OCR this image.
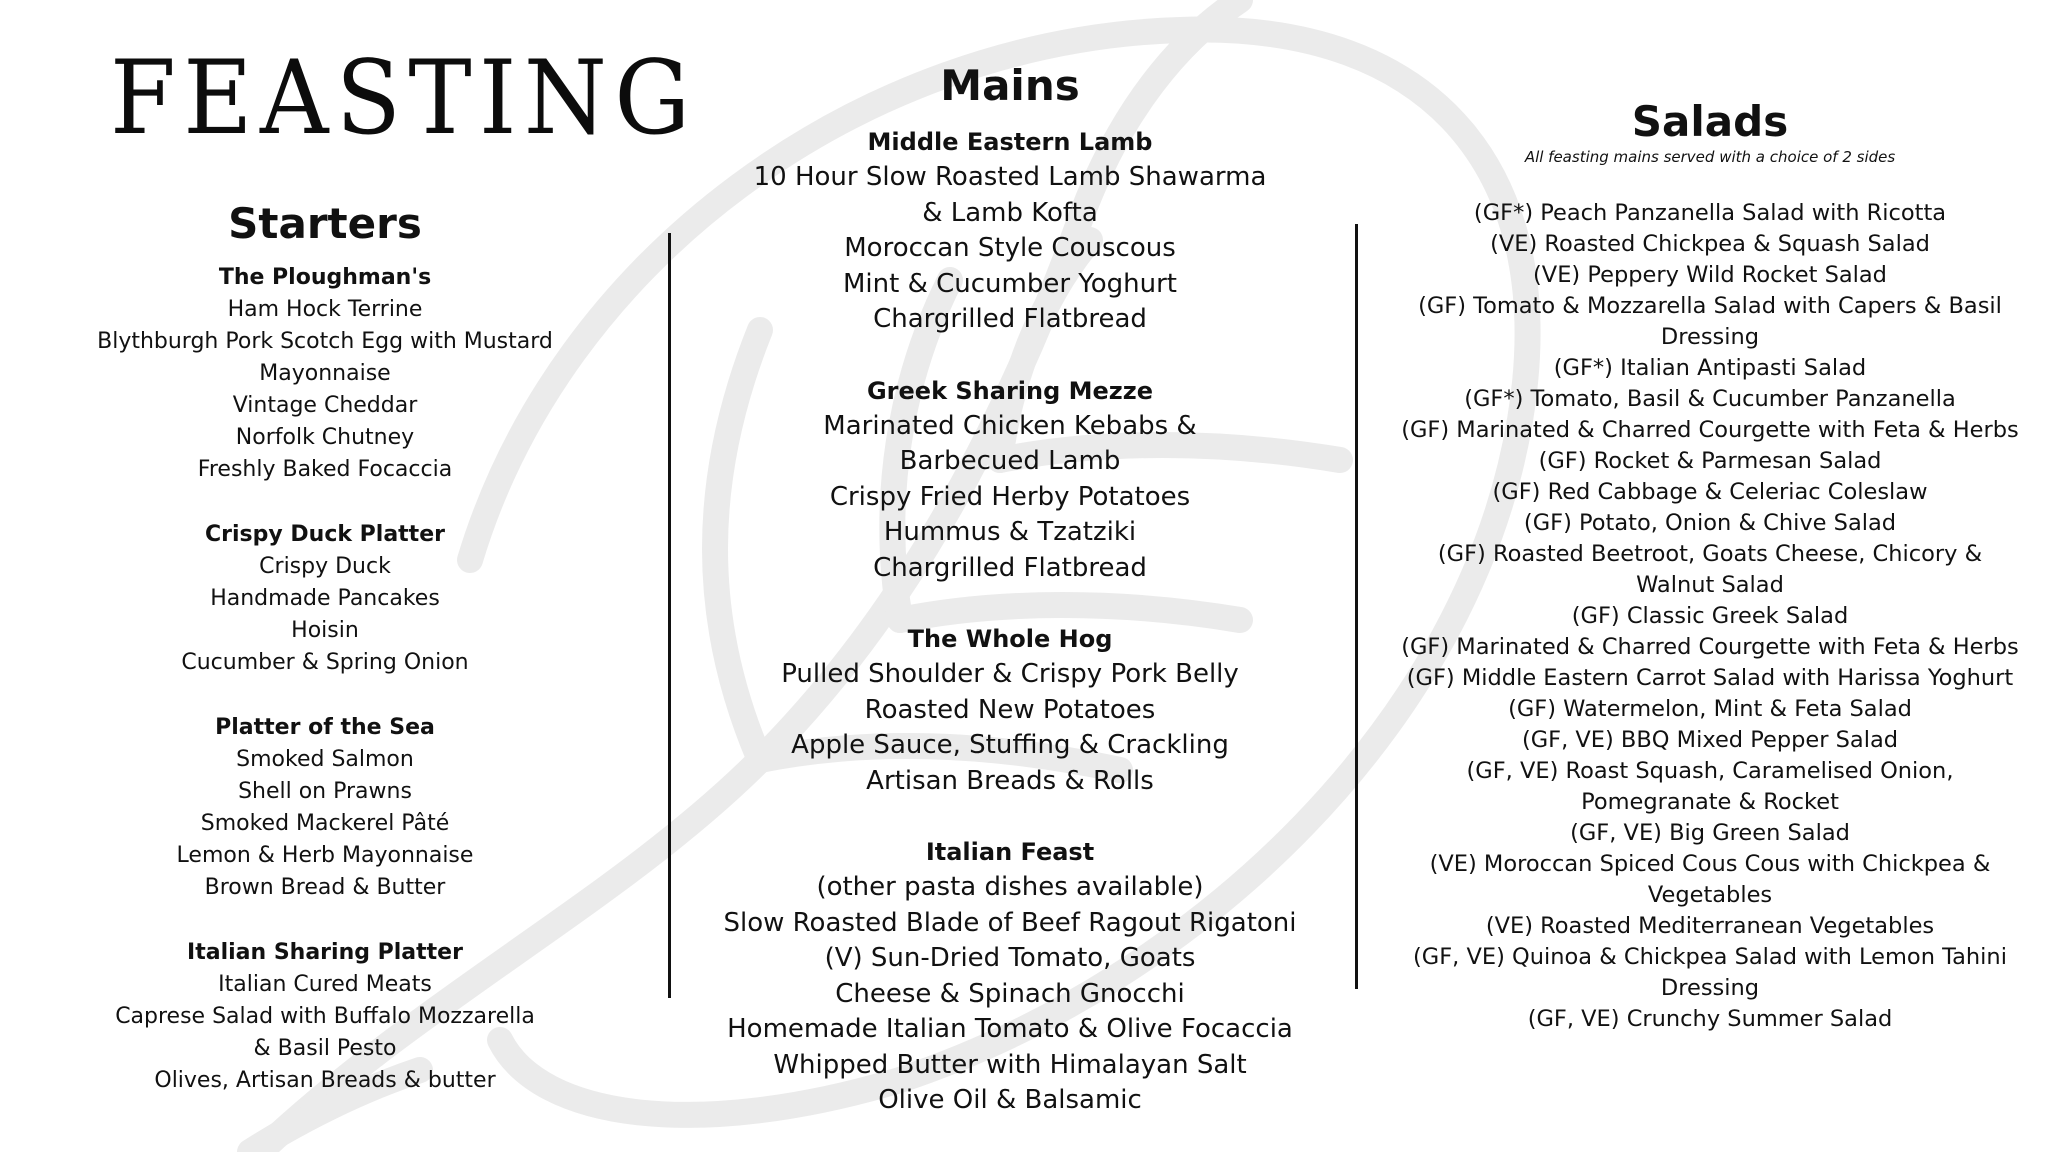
FEASTING
Starters
The Ploughman's
Ham Hock Terrine
Blythburgh Pork Scotch Egg with Mustard
Mayonnaise
Vintage Cheddar
Norfolk Chutney
Freshly Baked Focaccia
Crispy Duck Platter
Crispy Duck
Handmade Pancakes
Hoisin
Cucumber & Spring Onion
Platter of the Sea
Smoked Salmon
Shell on Prawns
Smoked Mackerel Pâté
Lemon & Herb Mayonnaise
Brown Bread & Butter
Italian Sharing Platter
Italian Cured Meats
Caprese Salad with Buffalo Mozzarella
& Basil Pesto
Olives, Artisan Breads & butter
Mains
Middle Eastern Lamb
10 Hour Slow Roasted Lamb Shawarma
& Lamb Kofta
Moroccan Style Couscous
Mint & Cucumber Yoghurt
Chargrilled Flatbread
Greek Sharing Mezze
Marinated Chicken Kebabs &
Barbecued Lamb
Crispy Fried Herby Potatoes
Hummus & Tzatziki
Chargrilled Flatbread
The Whole Hog
Pulled Shoulder & Crispy Pork Belly
Roasted New Potatoes
Apple Sauce, Stuffing & Crackling
Artisan Breads & Rolls
Italian Feast
(other pasta dishes available)
Slow Roasted Blade of Beef Ragout Rigatoni
(V) Sun-Dried Tomato, Goats
Cheese & Spinach Gnocchi
Homemade Italian Tomato & Olive Focaccia
Whipped Butter with Himalayan Salt
Olive Oil & Balsamic
Salads
All feasting mains served with a choice of 2 sides
(GF*) Peach Panzanella Salad with Ricotta
(VE) Roasted Chickpea & Squash Salad
(VE) Peppery Wild Rocket Salad
(GF) Tomato & Mozzarella Salad with Capers & Basil
Dressing
(GF*) Italian Antipasti Salad
(GF*) Tomato, Basil & Cucumber Panzanella
(GF) Marinated & Charred Courgette with Feta & Herbs
(GF) Rocket & Parmesan Salad
(GF) Red Cabbage & Celeriac Coleslaw
(GF) Potato, Onion & Chive Salad
(GF) Roasted Beetroot, Goats Cheese, Chicory &
Walnut Salad
(GF) Classic Greek Salad
(GF) Marinated & Charred Courgette with Feta & Herbs
(GF) Middle Eastern Carrot Salad with Harissa Yoghurt
(GF) Watermelon, Mint & Feta Salad
(GF, VE) BBQ Mixed Pepper Salad
(GF, VE) Roast Squash, Caramelised Onion,
Pomegranate & Rocket
(GF, VE) Big Green Salad
(VE) Moroccan Spiced Cous Cous with Chickpea &
Vegetables
(VE) Roasted Mediterranean Vegetables
(GF, VE) Quinoa & Chickpea Salad with Lemon Tahini
Dressing
(GF, VE) Crunchy Summer Salad
